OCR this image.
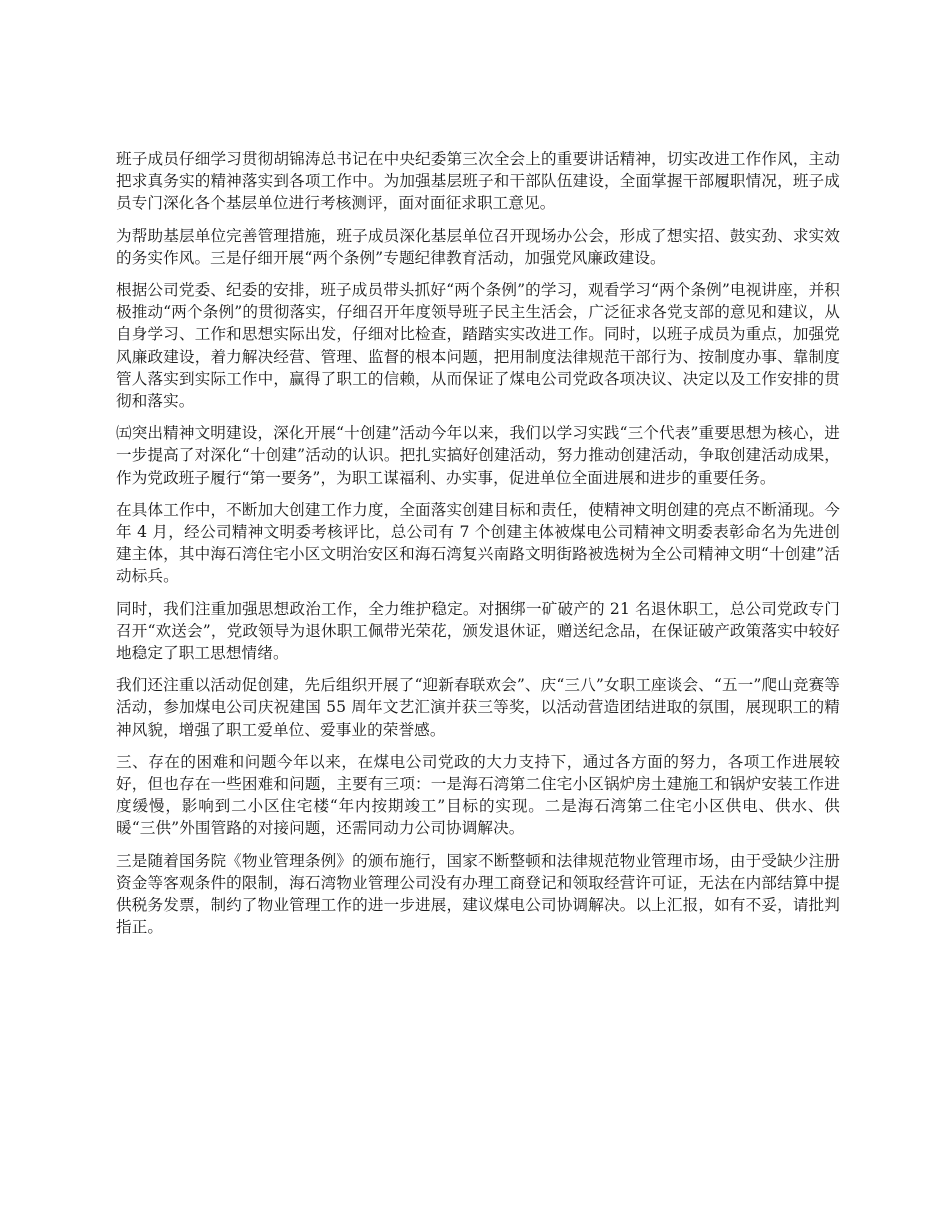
班子成员仔细学习贯彻胡锦涛总书记在中央纪委第三次全会上的重要讲话精神，切实改进工作作风，主动把求真务实的精神落实到各项工作中。为加强基层班子和干部队伍建设，全面掌握干部履职情况，班子成员专门深化各个基层单位进行考核测评，面对面征求职工意见。

为帮助基层单位完善管理措施，班子成员深化基层单位召开现场办公会，形成了想实招、鼓实劲、求实效的务实作风。三是仔细开展“两个条例”专题纪律教育活动，加强党风廉政建设。

根据公司党委、纪委的安排，班子成员带头抓好“两个条例”的学习，观看学习“两个条例”电视讲座，并积极推动“两个条例”的贯彻落实，仔细召开年度领导班子民主生活会，广泛征求各党支部的意见和建议，从自身学习、工作和思想实际出发，仔细对比检查，踏踏实实改进工作。同时，以班子成员为重点，加强党风廉政建设，着力解决经营、管理、监督的根本问题，把用制度法律规范干部行为、按制度办事、靠制度管人落实到实际工作中，赢得了职工的信赖，从而保证了煤电公司党政各项决议、决定以及工作安排的贯彻和落实。

㈤突出精神文明建设，深化开展“十创建”活动今年以来，我们以学习实践“三个代表”重要思想为核心，进一步提高了对深化“十创建”活动的认识。把扎实搞好创建活动，努力推动创建活动，争取创建活动成果，作为党政班子履行“第一要务”，为职工谋福利、办实事，促进单位全面进展和进步的重要任务。

在具体工作中，不断加大创建工作力度，全面落实创建目标和责任，使精神文明创建的亮点不断涌现。今年 4 月，经公司精神文明委考核评比，总公司有 7 个创建主体被煤电公司精神文明委表彰命名为先进创建主体，其中海石湾住宅小区文明治安区和海石湾复兴南路文明街路被选树为全公司精神文明“十创建”活动标兵。

同时，我们注重加强思想政治工作，全力维护稳定。对捆绑一矿破产的 21 名退休职工，总公司党政专门召开“欢送会”，党政领导为退休职工佩带光荣花，颁发退休证，赠送纪念品，在保证破产政策落实中较好地稳定了职工思想情绪。

我们还注重以活动促创建，先后组织开展了“迎新春联欢会”、庆“三八”女职工座谈会、“五一”爬山竞赛等活动，参加煤电公司庆祝建国 55 周年文艺汇演并获三等奖，以活动营造团结进取的氛围，展现职工的精神风貌，增强了职工爱单位、爱事业的荣誉感。

三、存在的困难和问题今年以来，在煤电公司党政的大力支持下，通过各方面的努力，各项工作进展较好，但也存在一些困难和问题，主要有三项：一是海石湾第二住宅小区锅炉房土建施工和锅炉安装工作进度缓慢，影响到二小区住宅楼“年内按期竣工”目标的实现。二是海石湾第二住宅小区供电、供水、供暖“三供”外围管路的对接问题，还需同动力公司协调解决。

三是随着国务院《物业管理条例》的颁布施行，国家不断整顿和法律规范物业管理市场，由于受缺少注册资金等客观条件的限制，海石湾物业管理公司没有办理工商登记和领取经营许可证，无法在内部结算中提供税务发票，制约了物业管理工作的进一步进展，建议煤电公司协调解决。以上汇报，如有不妥，请批判指正。
